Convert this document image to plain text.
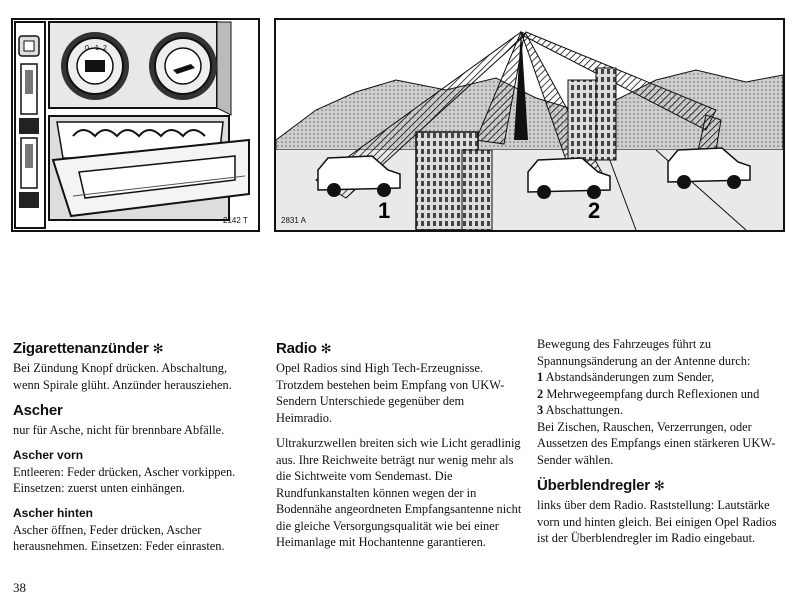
0 1 2
2142 T	1	2
2831 A
Zigarettenanzünder ✻

Bei Zündung Knopf drücken. Abschaltung, wenn Spirale glüht. Anzünder herausziehen.

Ascher

nur für Asche, nicht für brennbare Abfälle.

Ascher vorn

Entleeren: Feder drücken, Ascher vorkippen. Einsetzen: zuerst unten einhängen.

Ascher hinten

Ascher öffnen, Feder drücken, Ascher herausnehmen. Einsetzen: Feder einrasten.

Radio ✻

Opel Radios sind High Tech-Erzeugnisse. Trotzdem bestehen beim Empfang von UKW-Sendern Unterschiede gegenüber dem Heimradio.

Ultrakurzwellen breiten sich wie Licht geradlinig aus. Ihre Reichweite beträgt nur wenig mehr als die Sichtweite vom Sendemast. Die Rundfunkanstalten können wegen der in Bodennähe angeordneten Empfangsantenne nicht die gleiche Versorgungsqualität wie bei einer Heimanlage mit Hochantenne garantieren.

Bewegung des Fahrzeuges führt zu Spannungsänderung an der Antenne durch:

1 Abstandsänderungen zum Sender,

2 Mehrwegeempfang durch Reflexionen und

3 Abschattungen.

Bei Zischen, Rauschen, Verzerrungen, oder Aussetzen des Empfangs einen stärkeren UKW-Sender wählen.

Überblendregler ✻

links über dem Radio. Raststellung: Lautstärke vorn und hinten gleich. Bei einigen Opel Radios ist der Überblendregler im Radio eingebaut.

38
